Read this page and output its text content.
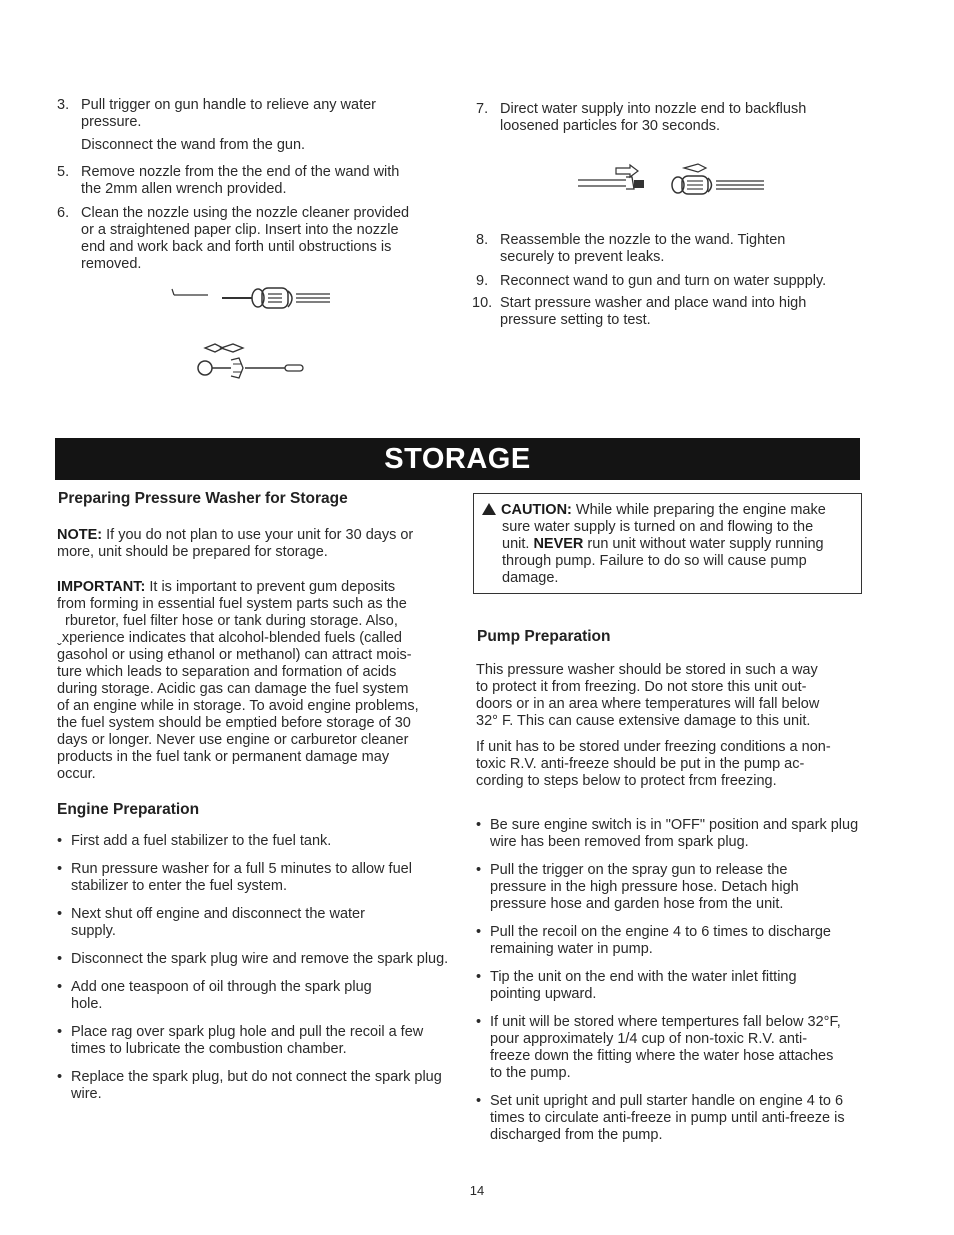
3. Pull trigger on gun handle to relieve any water
pressure.
Disconnect the wand from the gun.
5. Remove nozzle from the the end of the wand with
the 2mm allen wrench provided.
6. Clean the nozzle using the nozzle cleaner provided
or a straightened paper clip. Insert into the nozzle
end and work back and forth until obstructions is
removed.
7. Direct water supply into nozzle end to backflush
loosened particles for 30 seconds.
8. Reassemble the nozzle to the wand. Tighten
securely to prevent leaks.
9. Reconnect wand to gun and turn on water suppply.
10. Start pressure washer and place wand into high
pressure setting to test.
STORAGE
Preparing Pressure Washer for Storage
NOTE: If you do not plan to use your unit for 30 days or
more, unit should be prepared for storage.
IMPORTANT: It is important to prevent gum deposits
from forming in essential fuel system parts such as the
rburetor, fuel filter hose or tank during storage. Also,
ˬxperience indicates that alcohol-blended fuels (called
gasohol or using ethanol or methanol) can attract mois-
ture which leads to separation and formation of acids
during storage. Acidic gas can damage the fuel system
of an engine while in storage. To avoid engine problems,
the fuel system should be emptied before storage of 30
days or longer. Never use engine or carburetor cleaner
products in the fuel tank or permanent damage may
occur.
Engine Preparation
• First add a fuel stabilizer to the fuel tank.
• Run pressure washer for a full 5 minutes to allow fuel stabilizer to enter the fuel system.
• Next shut off engine and disconnect the water supply.
• Disconnect the spark plug wire and remove the spark plug.
• Add one teaspoon of oil through the spark plug hole.
• Place rag over spark plug hole and pull the recoil a few times to lubricate the combustion chamber.
• Replace the spark plug, but do not connect the spark plug wire.
CAUTION: While while preparing the engine make
sure water supply is turned on and flowing to the
unit. NEVER run unit without water supply running
through pump. Failure to do so will cause pump
damage.
Pump Preparation
This pressure washer should be stored in such a way
to protect it from freezing. Do not store this unit out-
doors or in an area where temperatures will fall below
32° F. This can cause extensive damage to this unit.
If unit has to be stored under freezing conditions a non-
toxic R.V. anti-freeze should be put in the pump ac-
cording to steps below to protect frcm freezing.
• Be sure engine switch is in "OFF" position and spark plug wire has been removed from spark plug.
• Pull the trigger on the spray gun to release the pressure in the high pressure hose. Detach high pressure hose and garden hose from the unit.
• Pull the recoil on the engine 4 to 6 times to discharge remaining water in pump.
• Tip the unit on the end with the water inlet fitting pointing upward.
• If unit will be stored where tempertures fall below 32°F, pour approximately 1/4 cup of non-toxic R.V. anti-freeze down the fitting where the water hose attaches to the pump.
• Set unit upright and pull starter handle on engine 4 to 6 times to circulate anti-freeze in pump until anti-freeze is discharged from the pump.
14
